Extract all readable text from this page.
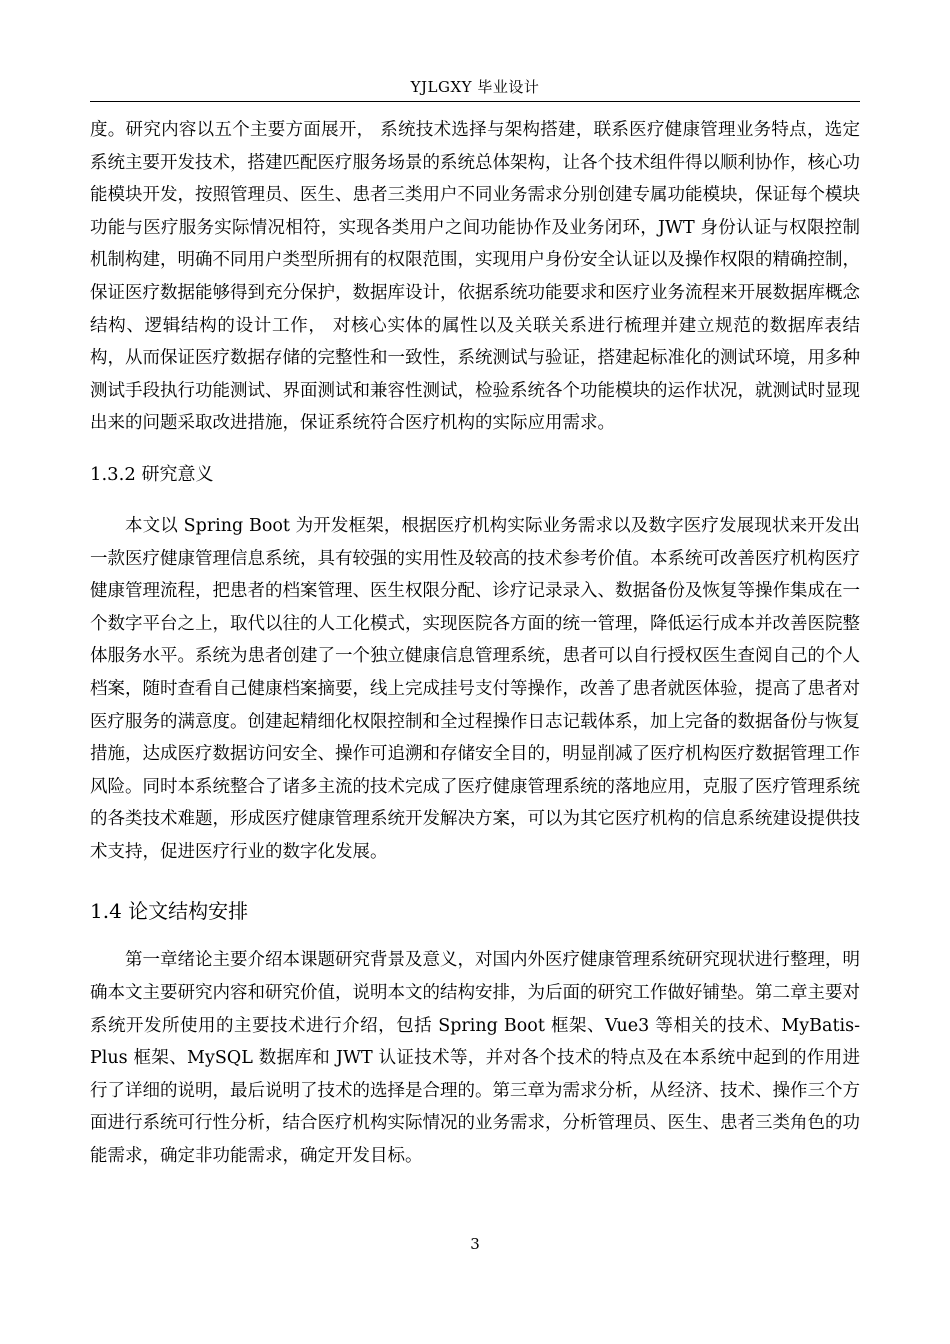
YJLGXY 毕业设计

度。研究内容以五个主要方面展开， 系统技术选择与架构搭建，联系医疗健康管理业务特点，选定系统主要开发技术，搭建匹配医疗服务场景的系统总体架构，让各个技术组件得以顺利协作，核心功能模块开发，按照管理员、医生、患者三类用户不同业务需求分别创建专属功能模块，保证每个模块功能与医疗服务实际情况相符，实现各类用户之间功能协作及业务闭环，JWT 身份认证与权限控制机制构建，明确不同用户类型所拥有的权限范围，实现用户身份安全认证以及操作权限的精确控制，保证医疗数据能够得到充分保护，数据库设计，依据系统功能要求和医疗业务流程来开展数据库概念结构、逻辑结构的设计工作， 对核心实体的属性以及关联关系进行梳理并建立规范的数据库表结构，从而保证医疗数据存储的完整性和一致性，系统测试与验证，搭建起标准化的测试环境，用多种测试手段执行功能测试、界面测试和兼容性测试，检验系统各个功能模块的运作状况，就测试时显现出来的问题采取改进措施，保证系统符合医疗机构的实际应用需求。

1.3.2 研究意义

本文以 Spring Boot 为开发框架，根据医疗机构实际业务需求以及数字医疗发展现状来开发出一款医疗健康管理信息系统，具有较强的实用性及较高的技术参考价值。本系统可改善医疗机构医疗健康管理流程，把患者的档案管理、医生权限分配、诊疗记录录入、数据备份及恢复等操作集成在一个数字平台之上，取代以往的人工化模式，实现医院各方面的统一管理，降低运行成本并改善医院整体服务水平。系统为患者创建了一个独立健康信息管理系统，患者可以自行授权医生查阅自己的个人档案，随时查看自己健康档案摘要，线上完成挂号支付等操作，改善了患者就医体验，提高了患者对医疗服务的满意度。创建起精细化权限控制和全过程操作日志记载体系，加上完备的数据备份与恢复措施，达成医疗数据访问安全、操作可追溯和存储安全目的，明显削减了医疗机构医疗数据管理工作风险。同时本系统整合了诸多主流的技术完成了医疗健康管理系统的落地应用，克服了医疗管理系统的各类技术难题，形成医疗健康管理系统开发解决方案，可以为其它医疗机构的信息系统建设提供技术支持，促进医疗行业的数字化发展。

1.4 论文结构安排

第一章绪论主要介绍本课题研究背景及意义，对国内外医疗健康管理系统研究现状进行整理，明确本文主要研究内容和研究价值，说明本文的结构安排，为后面的研究工作做好铺垫。第二章主要对系统开发所使用的主要技术进行介绍，包括 Spring Boot 框架、Vue3 等相关的技术、MyBatis-Plus 框架、MySQL 数据库和 JWT 认证技术等，并对各个技术的特点及在本系统中起到的作用进行了详细的说明，最后说明了技术的选择是合理的。第三章为需求分析，从经济、技术、操作三个方面进行系统可行性分析，结合医疗机构实际情况的业务需求，分析管理员、医生、患者三类角色的功能需求，确定非功能需求，确定开发目标。

3
